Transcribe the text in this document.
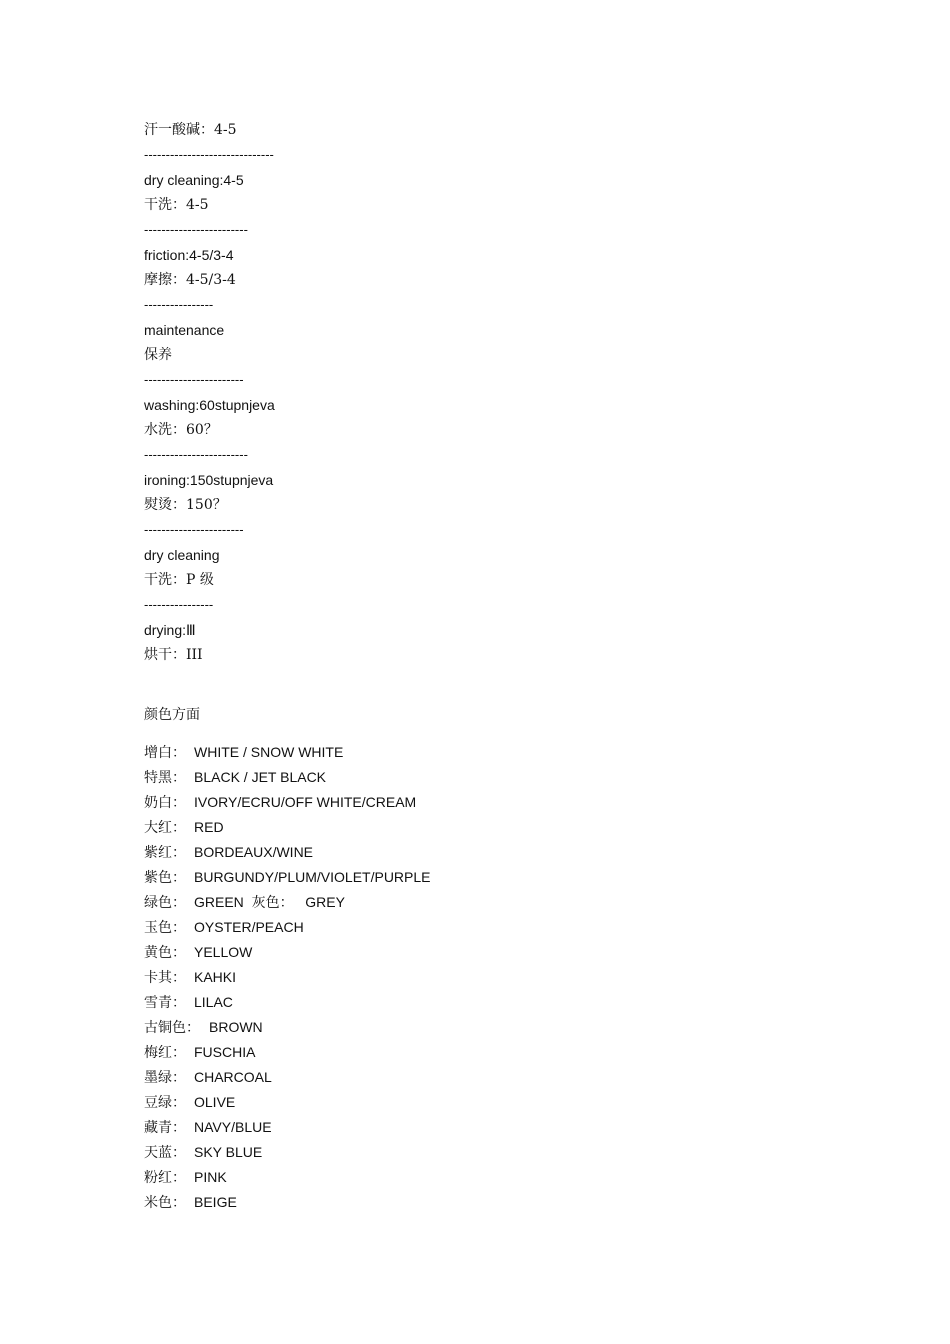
汗一酸碱：4-5
------------------------------
dry cleaning:4-5
干洗：4-5
------------------------
friction:4-5/3-4
摩擦：4-5/3-4
----------------
maintenance
保养
-----------------------
washing:60stupnjeva
水洗：60？
------------------------
ironing:150stupnjeva
熨烫：150？
-----------------------
dry cleaning
干洗：P 级
----------------
drying:Ⅲ
烘干：III
颜色方面
增白： WHITE / SNOW WHITE
特黑： BLACK / JET BLACK
奶白： IVORY/ECRU/OFF WHITE/CREAM
大红： RED
紫红： BORDEAUX/WINE
紫色： BURGUNDY/PLUM/VIOLET/PURPLE
绿色： GREEN  灰色：   GREY
玉色： OYSTER/PEACH
黄色： YELLOW
卡其： KAHKI
雪青： LILAC
古铜色： BROWN
梅红： FUSCHIA
墨绿： CHARCOAL
豆绿： OLIVE
藏青： NAVY/BLUE
天蓝： SKY BLUE
粉红： PINK
米色： BEIGE
